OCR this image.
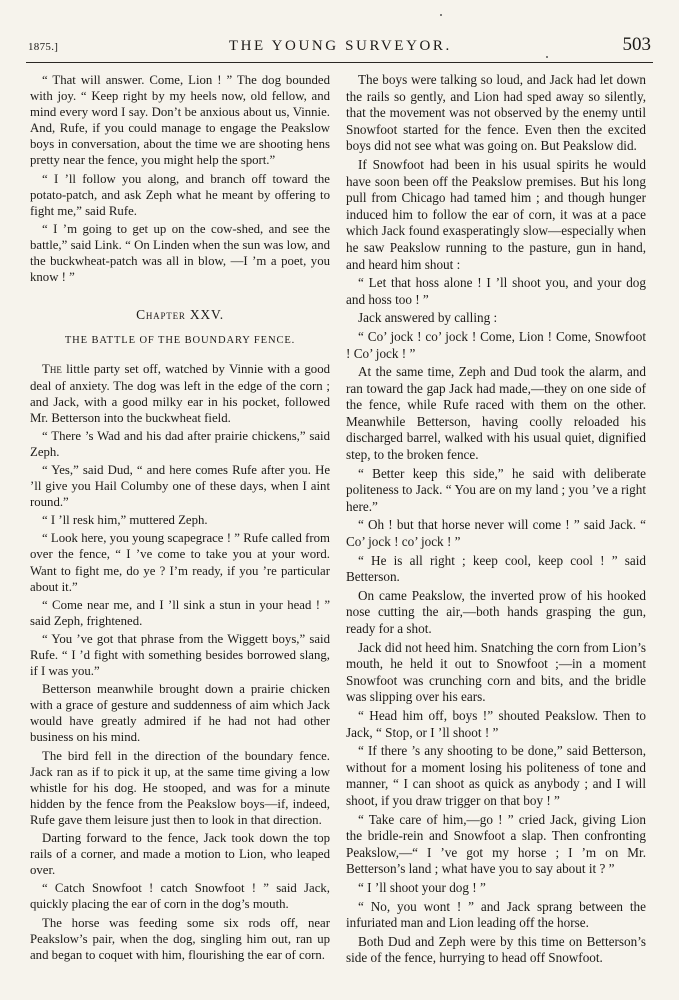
1875.]	THE YOUNG SURVEYOR.	503

“ That will answer. Come, Lion ! ” The dog bounded with joy. “ Keep right by my heels now, old fellow, and mind every word I say. Don’t be anxious about us, Vinnie. And, Rufe, if you could manage to engage the Peakslow boys in conversation, about the time we are shooting hens pretty near the fence, you might help the sport.”

“ I ’ll follow you along, and branch off toward the potato-patch, and ask Zeph what he meant by offering to fight me,” said Rufe.

“ I ’m going to get up on the cow-shed, and see the battle,” said Link. “ On Linden when the sun was low, and the buckwheat-patch was all in blow, —I ’m a poet, you know ! ”

Chapter XXV.
THE BATTLE OF THE BOUNDARY FENCE.

The little party set off, watched by Vinnie with a good deal of anxiety. The dog was left in the edge of the corn ; and Jack, with a good milky ear in his pocket, followed Mr. Betterson into the buckwheat field.

“ There ’s Wad and his dad after prairie chickens,” said Zeph.

“ Yes,” said Dud, “ and here comes Rufe after you. He ’ll give you Hail Columby one of these days, when I aint round.”

“ I ’ll resk him,” muttered Zeph.

“ Look here, you young scapegrace ! ” Rufe called from over the fence, “ I ’ve come to take you at your word. Want to fight me, do ye ? I’m ready, if you ’re particular about it.”

“ Come near me, and I ’ll sink a stun in your head ! ” said Zeph, frightened.

“ You ’ve got that phrase from the Wiggett boys,” said Rufe. “ I ’d fight with something besides borrowed slang, if I was you.”

Betterson meanwhile brought down a prairie chicken with a grace of gesture and suddenness of aim which Jack would have greatly admired if he had not had other business on his mind.

The bird fell in the direction of the boundary fence. Jack ran as if to pick it up, at the same time giving a low whistle for his dog. He stooped, and was for a minute hidden by the fence from the Peakslow boys—if, indeed, Rufe gave them leisure just then to look in that direction.

Darting forward to the fence, Jack took down the top rails of a corner, and made a motion to Lion, who leaped over.

“ Catch Snowfoot ! catch Snowfoot ! ” said Jack, quickly placing the ear of corn in the dog’s mouth.

The horse was feeding some six rods off, near Peakslow’s pair, when the dog, singling him out, ran up and began to coquet with him, flourishing the ear of corn.

The boys were talking so loud, and Jack had let down the rails so gently, and Lion had sped away so silently, that the movement was not observed by the enemy until Snowfoot started for the fence. Even then the excited boys did not see what was going on. But Peakslow did.

If Snowfoot had been in his usual spirits he would have soon been off the Peakslow premises. But his long pull from Chicago had tamed him ; and though hunger induced him to follow the ear of corn, it was at a pace which Jack found exasperatingly slow—especially when he saw Peakslow running to the pasture, gun in hand, and heard him shout :

“ Let that hoss alone ! I ’ll shoot you, and your dog and hoss too ! ”

Jack answered by calling :

“ Co’ jock ! co’ jock ! Come, Lion ! Come, Snowfoot ! Co’ jock ! ”

At the same time, Zeph and Dud took the alarm, and ran toward the gap Jack had made,—they on one side of the fence, while Rufe raced with them on the other. Meanwhile Betterson, having coolly reloaded his discharged barrel, walked with his usual quiet, dignified step, to the broken fence.

“ Better keep this side,” he said with deliberate politeness to Jack. “ You are on my land ; you ’ve a right here.”

“ Oh ! but that horse never will come ! ” said Jack. “ Co’ jock ! co’ jock ! ”

“ He is all right ; keep cool, keep cool ! ” said Betterson.

On came Peakslow, the inverted prow of his hooked nose cutting the air,—both hands grasping the gun, ready for a shot.

Jack did not heed him. Snatching the corn from Lion’s mouth, he held it out to Snowfoot ;—in a moment Snowfoot was crunching corn and bits, and the bridle was slipping over his ears.

“ Head him off, boys !” shouted Peakslow. Then to Jack, “ Stop, or I ’ll shoot ! ”

“ If there ’s any shooting to be done,” said Betterson, without for a moment losing his politeness of tone and manner, “ I can shoot as quick as anybody ; and I will shoot, if you draw trigger on that boy ! ”

“ Take care of him,—go ! ” cried Jack, giving Lion the bridle-rein and Snowfoot a slap. Then confronting Peakslow,—“ I ’ve got my horse ; I ’m on Mr. Betterson’s land ; what have you to say about it ? ”

“ I ’ll shoot your dog ! ”

“ No, you wont ! ” and Jack sprang between the infuriated man and Lion leading off the horse.

Both Dud and Zeph were by this time on Betterson’s side of the fence, hurrying to head off Snowfoot.
